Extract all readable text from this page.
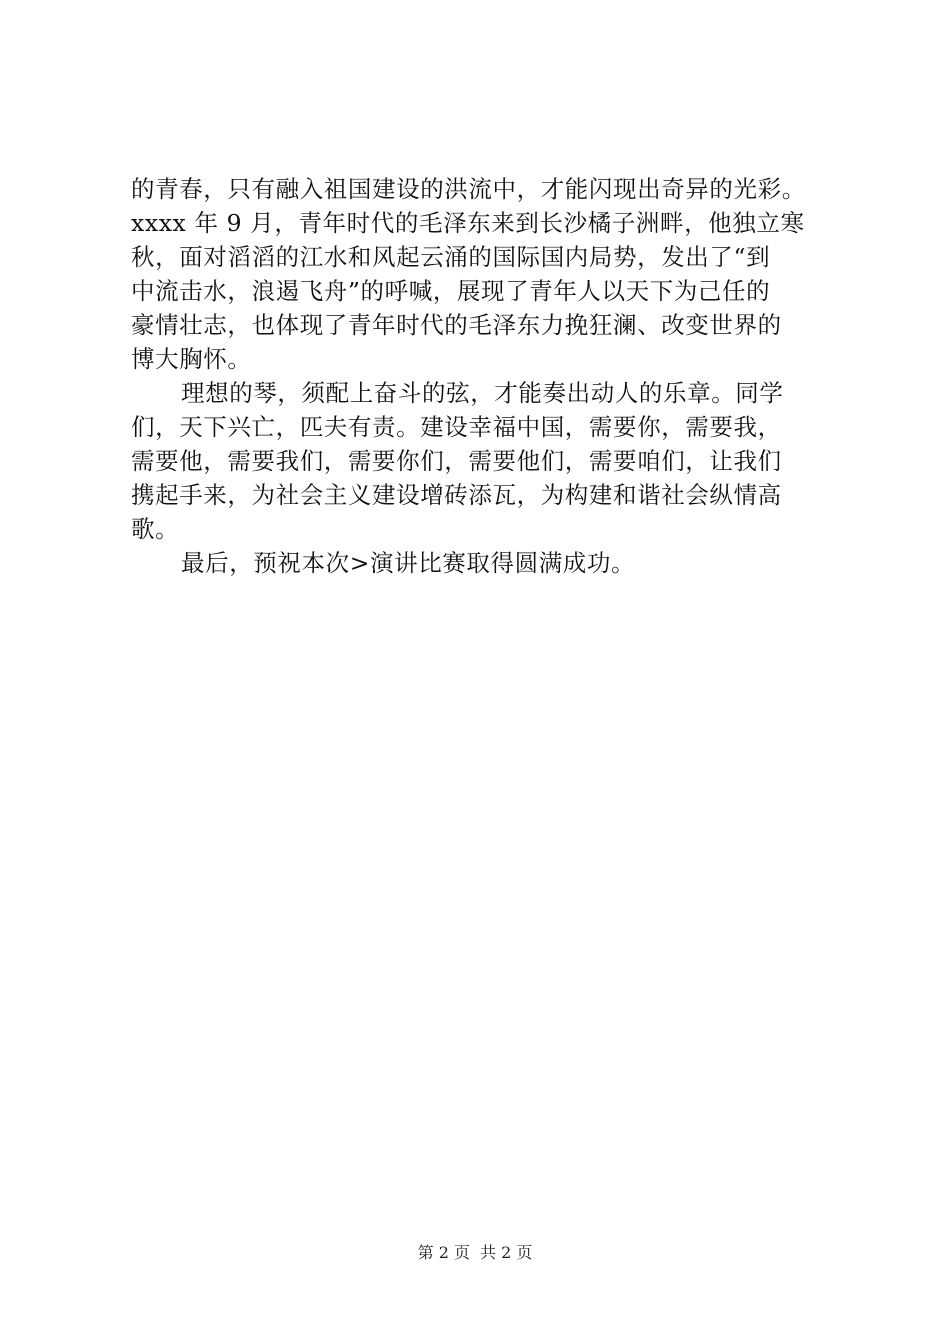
的青春，只有融入祖国建设的洪流中，才能闪现出奇异的光彩。
xxxx 年 9 月，青年时代的毛泽东来到长沙橘子洲畔，他独立寒
秋，面对滔滔的江水和风起云涌的国际国内局势，发出了“到
中流击水，浪遏飞舟”的呼喊，展现了青年人以天下为己任的
豪情壮志，也体现了青年时代的毛泽东力挽狂澜、改变世界的
博大胸怀。
理想的琴，须配上奋斗的弦，才能奏出动人的乐章。同学
们，天下兴亡，匹夫有责。建设幸福中国，需要你，需要我，
需要他，需要我们，需要你们，需要他们，需要咱们，让我们
携起手来，为社会主义建设增砖添瓦，为构建和谐社会纵情高
歌。
最后，预祝本次>演讲比赛取得圆满成功。
第 2 页 共 2 页
